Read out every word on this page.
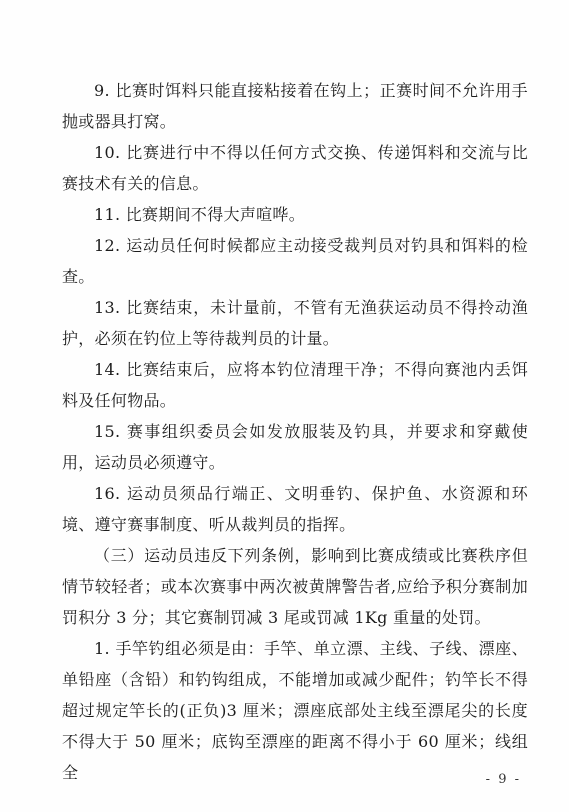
9. 比赛时饵料只能直接粘接着在钩上；正赛时间不允许用手抛或器具打窝。

10. 比赛进行中不得以任何方式交换、传递饵料和交流与比赛技术有关的信息。

11. 比赛期间不得大声喧哗。

12. 运动员任何时候都应主动接受裁判员对钓具和饵料的检查。

13. 比赛结束，未计量前，不管有无渔获运动员不得拎动渔护，必须在钓位上等待裁判员的计量。

14. 比赛结束后，应将本钓位清理干净；不得向赛池内丢饵料及任何物品。

15. 赛事组织委员会如发放服装及钓具，并要求和穿戴使用，运动员必须遵守。

16. 运动员须品行端正、文明垂钓、保护鱼、水资源和环境、遵守赛事制度、听从裁判员的指挥。

（三）运动员违反下列条例，影响到比赛成绩或比赛秩序但情节较轻者；或本次赛事中两次被黄牌警告者,应给予积分赛制加罚积分 3 分；其它赛制罚减 3 尾或罚减 1Kg 重量的处罚。

1. 手竿钓组必须是由：手竿、单立漂、主线、子线、漂座、单铅座（含铅）和钓钩组成，不能增加或减少配件；钓竿长不得超过规定竿长的(正负)3 厘米；漂座底部处主线至漂尾尖的长度不得大于 50 厘米；底钩至漂座的距离不得小于 60 厘米；线组全	- 9 -
